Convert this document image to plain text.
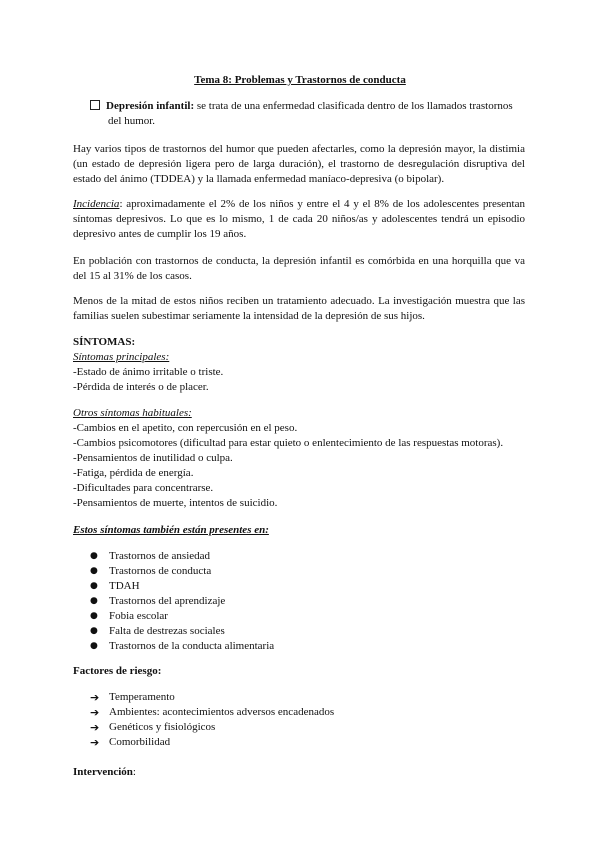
Tema 8: Problemas y Trastornos de conducta
Depresión infantil: se trata de una enfermedad clasificada dentro de los llamados trastornos
del humor.
Hay varios tipos de trastornos del humor que pueden afectarles, como la depresión mayor, la distimia (un estado de depresión ligera pero de larga duración), el trastorno de desregulación disruptiva del estado del ánimo (TDDEA) y la llamada enfermedad maníaco-depresiva (o bipolar).
Incidencia: aproximadamente el 2% de los niños y entre el 4 y el 8% de los adolescentes presentan síntomas depresivos. Lo que es lo mismo, 1 de cada 20 niños/as y adolescentes tendrá un episodio depresivo antes de cumplir los 19 años.
En población con trastornos de conducta, la depresión infantil es comórbida en una horquilla que va del 15 al 31% de los casos.
Menos de la mitad de estos niños reciben un tratamiento adecuado. La investigación muestra que las familias suelen subestimar seriamente la intensidad de la depresión de sus hijos.
SÍNTOMAS:
Síntomas principales:
-Estado de ánimo irritable o triste.
-Pérdida de interés o de placer.
Otros síntomas habituales:
-Cambios en el apetito, con repercusión en el peso.
-Cambios psicomotores (dificultad para estar quieto o enlentecimiento de las respuestas motoras).
-Pensamientos de inutilidad o culpa.
-Fatiga, pérdida de energía.
-Dificultades para concentrarse.
-Pensamientos de muerte, intentos de suicidio.
Estos síntomas también están presentes en:
● Trastornos de ansiedad
● Trastornos de conducta
● TDAH
● Trastornos del aprendizaje
● Fobia escolar
● Falta de destrezas sociales
● Trastornos de la conducta alimentaria
Factores de riesgo:
➔ Temperamento
➔ Ambientes: acontecimientos adversos encadenados
➔ Genéticos y fisiológicos
➔ Comorbilidad
Intervención:
